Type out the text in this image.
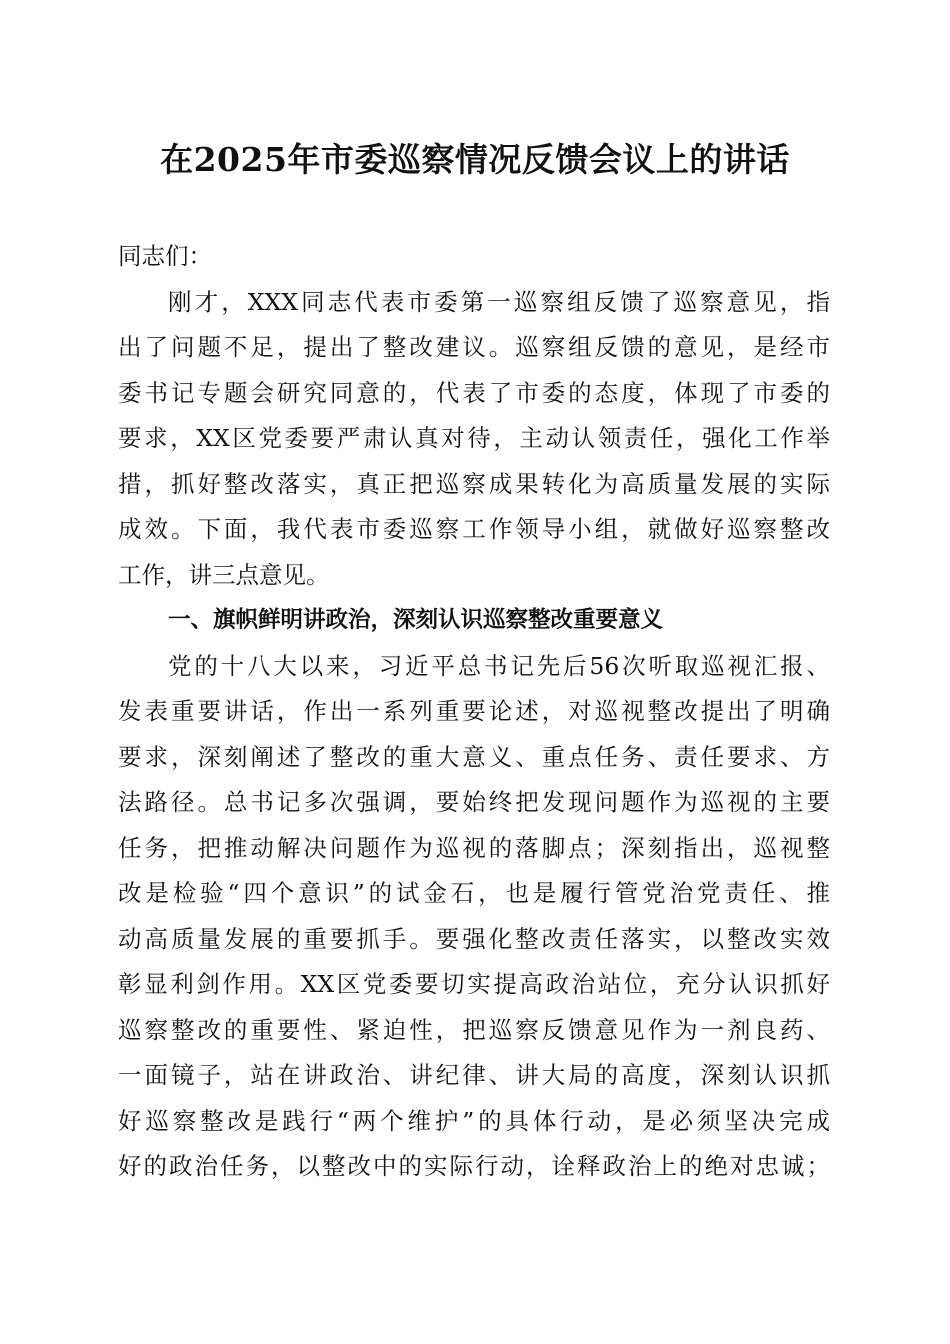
在2025年市委巡察情况反馈会议上的讲话
同志们：
刚才，XXX同志代表市委第一巡察组反馈了巡察意见，指
出了问题不足，提出了整改建议。巡察组反馈的意见，是经市
委书记专题会研究同意的，代表了市委的态度，体现了市委的
要求，XX区党委要严肃认真对待，主动认领责任，强化工作举
措，抓好整改落实，真正把巡察成果转化为高质量发展的实际
成效。下面，我代表市委巡察工作领导小组，就做好巡察整改
工作，讲三点意见。
一、旗帜鲜明讲政治，深刻认识巡察整改重要意义
党的十八大以来，习近平总书记先后56次听取巡视汇报、
发表重要讲话，作出一系列重要论述，对巡视整改提出了明确
要求，深刻阐述了整改的重大意义、重点任务、责任要求、方
法路径。总书记多次强调，要始终把发现问题作为巡视的主要
任务，把推动解决问题作为巡视的落脚点；深刻指出，巡视整
改是检验“四个意识”的试金石，也是履行管党治党责任、推
动高质量发展的重要抓手。要强化整改责任落实，以整改实效
彰显利剑作用。XX区党委要切实提高政治站位，充分认识抓好
巡察整改的重要性、紧迫性，把巡察反馈意见作为一剂良药、
一面镜子，站在讲政治、讲纪律、讲大局的高度，深刻认识抓
好巡察整改是践行“两个维护”的具体行动，是必须坚决完成
好的政治任务，以整改中的实际行动，诠释政治上的绝对忠诚；
